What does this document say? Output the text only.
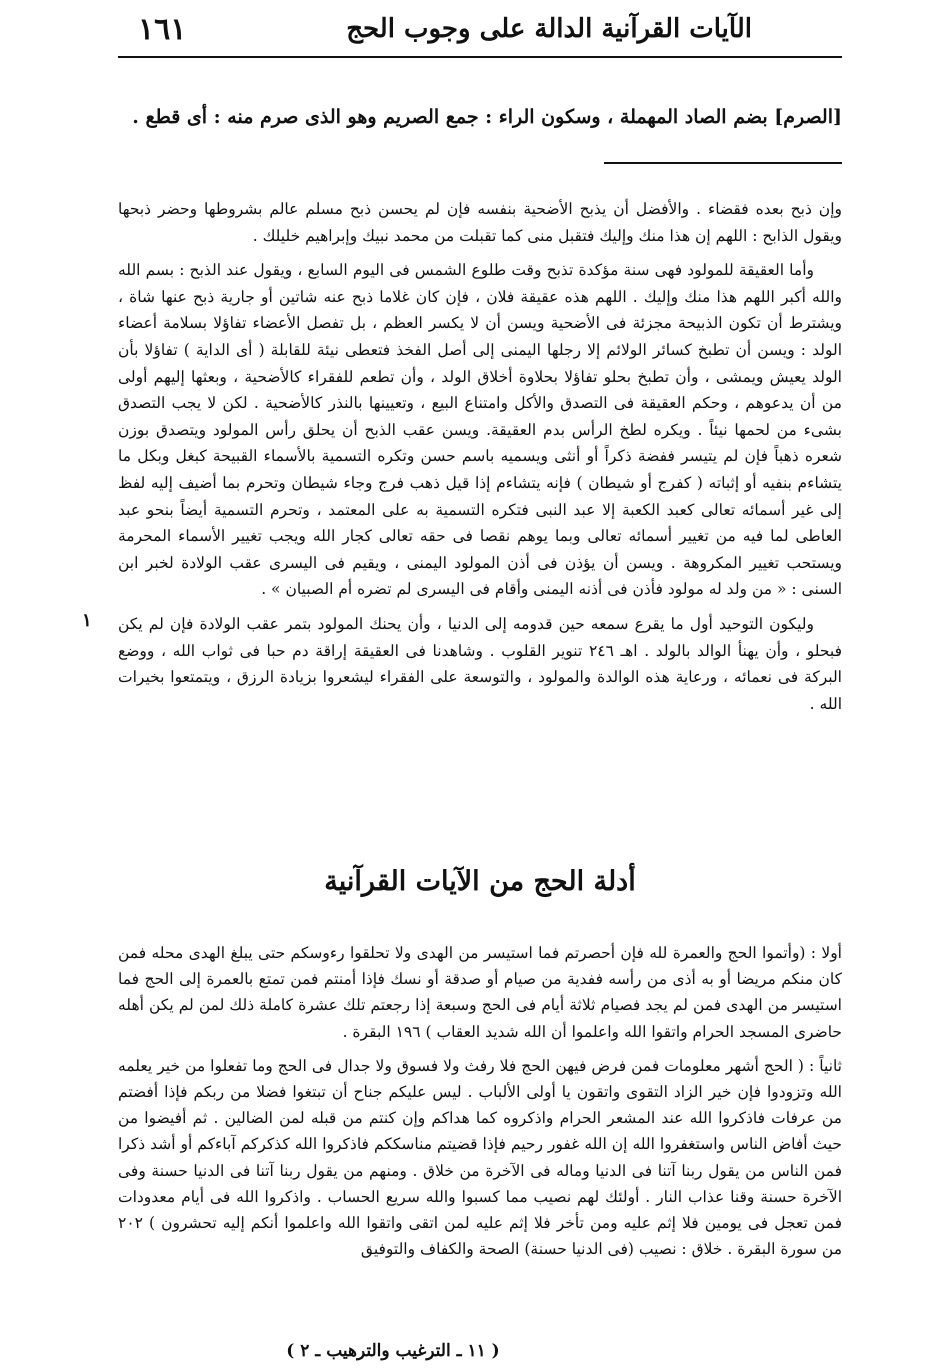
الآيات القرآنية الدالة على وجوب الحج
١٦١
[الصرم] بضم الصاد المهملة ، وسكون الراء : جمع الصريم وهو الذى صرم منه : أى قطع .

وإن ذبح بعده فقضاء . والأفضل أن يذبح الأضحية بنفسه فإن لم يحسن ذبح مسلم عالم بشروطها وحضر ذبحها ويقول الذابح : اللهم إن هذا منك وإليك فتقبل منى كما تقبلت من محمد نبيك وإبراهيم خليلك .

وأما العقيقة للمولود فهى سنة مؤكدة تذبح وقت طلوع الشمس فى اليوم السابع ، ويقول عند الذبح : بسم الله والله أكبر اللهم هذا منك وإليك . اللهم هذه عقيقة فلان ، فإن كان غلاما ذبح عنه شاتين أو جارية ذبح عنها شاة ، ويشترط أن تكون الذبيحة مجزئة فى الأضحية ويسن أن لا يكسر العظم ، بل تفصل الأعضاء تفاؤلا بسلامة أعضاء الولد : ويسن أن تطبخ كسائر الولائم إلا رجلها اليمنى إلى أصل الفخذ فتعطى نيئة للقابلة ( أى الداية ) تفاؤلا بأن الولد يعيش ويمشى ، وأن تطبخ بحلو تفاؤلا بحلاوة أخلاق الولد ، وأن تطعم للفقراء كالأضحية ، وبعثها إليهم أولى من أن يدعوهم ، وحكم العقيقة فى التصدق والأكل وامتناع البيع ، وتعيينها بالنذر كالأضحية . لكن لا يجب التصدق بشىء من لحمها نيئاً . ويكره لطخ الرأس بدم العقيقة. ويسن عقب الذبح أن يحلق رأس المولود ويتصدق بوزن شعره ذهباً فإن لم يتيسر ففضة ذكراً أو أنثى ويسميه باسم حسن وتكره التسمية بالأسماء القبيحة كبغل وبكل ما يتشاءم بنفيه أو إثباته ( كفرج أو شيطان ) فإنه يتشاءم إذا قيل ذهب فرج وجاء شيطان وتحرم بما أضيف إليه لفظ إلى غير أسمائه تعالى كعبد الكعبة إلا عبد النبى فتكره التسمية به على المعتمد ، وتحرم التسمية أيضاً بنحو عبد العاطى لما فيه من تغيير أسمائه تعالى وبما يوهم نقصا فى حقه تعالى كجار الله ويجب تغيير الأسماء المحرمة ويستحب تغيير المكروهة . ويسن أن يؤذن فى أذن المولود اليمنى ، ويقيم فى اليسرى عقب الولادة لخبر ابن السنى : « من ولد له مولود فأذن فى أذنه اليمنى وأقام فى اليسرى لم تضره أم الصبيان » .

وليكون التوحيد أول ما يقرع سمعه حين قدومه إلى الدنيا ، وأن يحنك المولود بتمر عقب الولادة فإن لم يكن فبحلو ، وأن يهنأ الوالد بالولد . اهـ ٢٤٦ تنوير القلوب . وشاهدنا فى العقيقة إراقة دم حبا فى ثواب الله ، ووضع البركة فى نعمائه ، ورعاية هذه الوالدة والمولود ، والتوسعة على الفقراء ليشعروا بزيادة الرزق ، ويتمتعوا بخيرات الله .

١
أدلة الحج من الآيات القرآنية

أولا : (وأتموا الحج والعمرة لله فإن أحصرتم فما استيسر من الهدى ولا تحلقوا رءوسكم حتى يبلغ الهدى محله فمن كان منكم مريضا أو به أذى من رأسه ففدية من صيام أو صدقة أو نسك فإذا أمنتم فمن تمتع بالعمرة إلى الحج فما استيسر من الهدى فمن لم يجد فصيام ثلاثة أيام فى الحج وسبعة إذا رجعتم تلك عشرة كاملة ذلك لمن لم يكن أهله حاضرى المسجد الحرام واتقوا الله واعلموا أن الله شديد العقاب ) ١٩٦ البقرة .

ثانياً : ( الحج أشهر معلومات فمن فرض فيهن الحج فلا رفث ولا فسوق ولا جدال فى الحج وما تفعلوا من خير يعلمه الله وتزودوا فإن خير الزاد التقوى واتقون يا أولى الألباب . ليس عليكم جناح أن تبتغوا فضلا من ربكم فإذا أفضتم من عرفات فاذكروا الله عند المشعر الحرام واذكروه كما هداكم وإن كنتم من قبله لمن الضالين . ثم أفيضوا من حيث أفاض الناس واستغفروا الله إن الله غفور رحيم فإذا قضيتم مناسككم فاذكروا الله كذكركم آباءكم أو أشد ذكرا فمن الناس من يقول ربنا آتنا فى الدنيا وماله فى الآخرة من خلاق . ومنهم من يقول ربنا آتنا فى الدنيا حسنة وفى الآخرة حسنة وقنا عذاب النار . أولئك لهم نصيب مما كسبوا والله سريع الحساب . واذكروا الله فى أيام معدودات فمن تعجل فى يومين فلا إثم عليه ومن تأخر فلا إثم عليه لمن اتقى واتقوا الله واعلموا أنكم إليه تحشرون ) ٢٠٢ من سورة البقرة . خلاق : نصيب (فى الدنيا حسنة) الصحة والكفاف والتوفيق

( ١١ ـ الترغيب والترهيب ـ ٢ )
